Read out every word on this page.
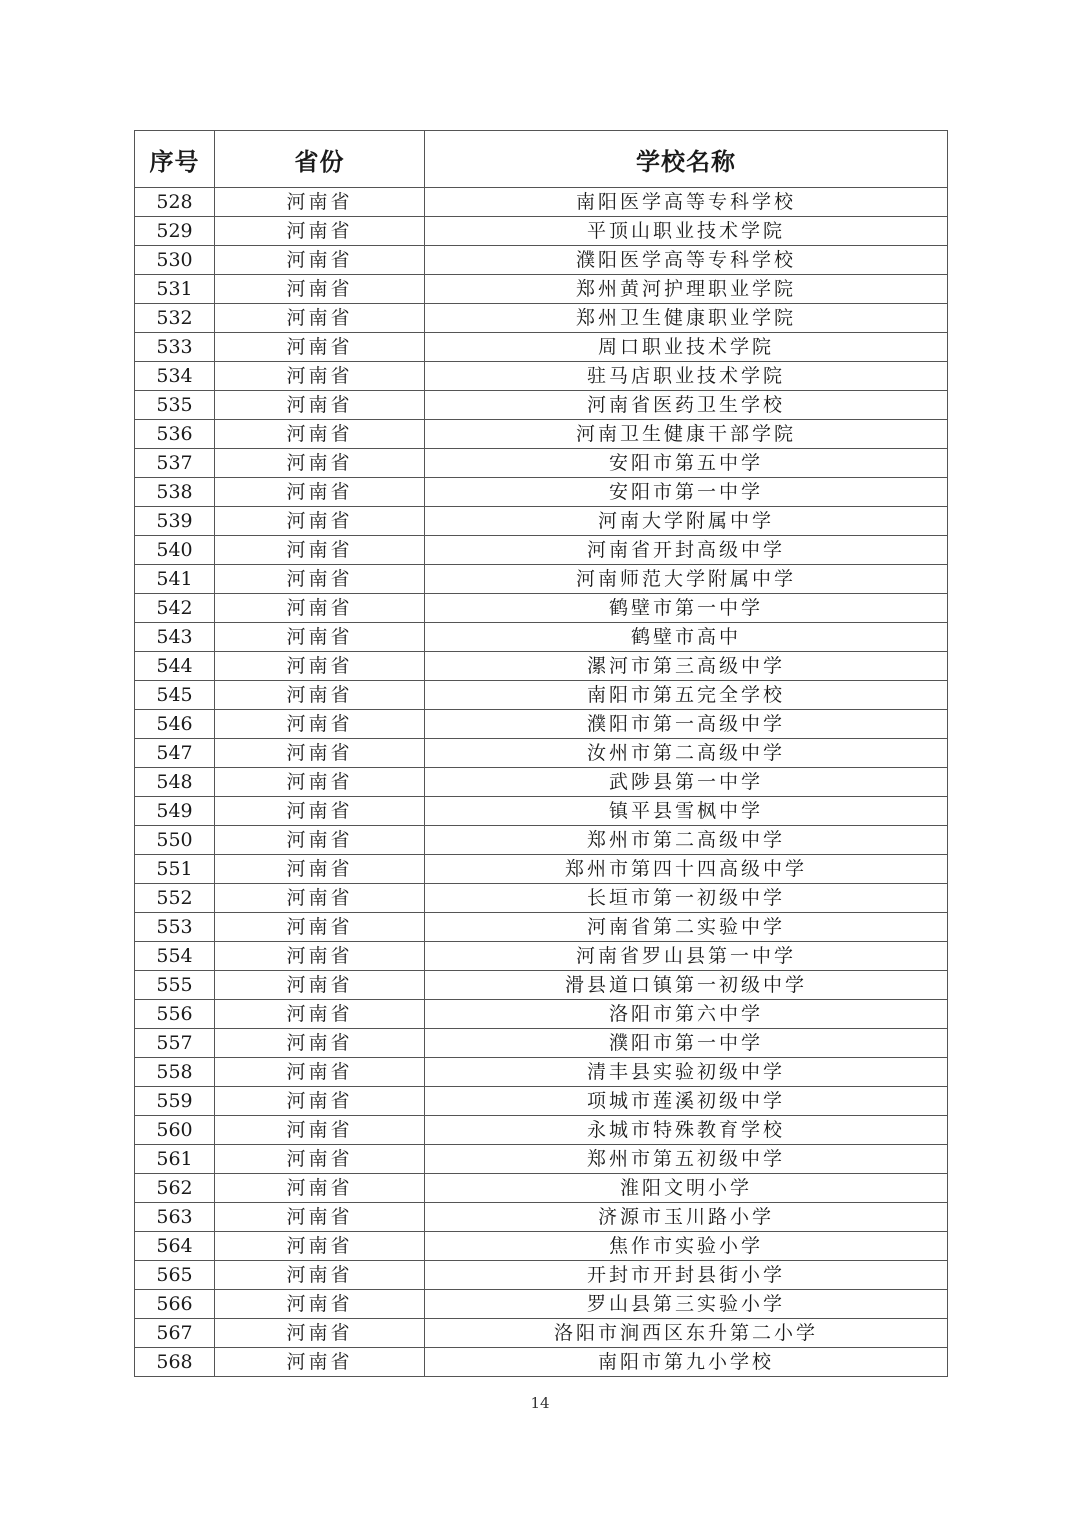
序号	省份	学校名称
528	河南省	南阳医学高等专科学校
529	河南省	平顶山职业技术学院
530	河南省	濮阳医学高等专科学校
531	河南省	郑州黄河护理职业学院
532	河南省	郑州卫生健康职业学院
533	河南省	周口职业技术学院
534	河南省	驻马店职业技术学院
535	河南省	河南省医药卫生学校
536	河南省	河南卫生健康干部学院
537	河南省	安阳市第五中学
538	河南省	安阳市第一中学
539	河南省	河南大学附属中学
540	河南省	河南省开封高级中学
541	河南省	河南师范大学附属中学
542	河南省	鹤壁市第一中学
543	河南省	鹤壁市高中
544	河南省	漯河市第三高级中学
545	河南省	南阳市第五完全学校
546	河南省	濮阳市第一高级中学
547	河南省	汝州市第二高级中学
548	河南省	武陟县第一中学
549	河南省	镇平县雪枫中学
550	河南省	郑州市第二高级中学
551	河南省	郑州市第四十四高级中学
552	河南省	长垣市第一初级中学
553	河南省	河南省第二实验中学
554	河南省	河南省罗山县第一中学
555	河南省	滑县道口镇第一初级中学
556	河南省	洛阳市第六中学
557	河南省	濮阳市第一中学
558	河南省	清丰县实验初级中学
559	河南省	项城市莲溪初级中学
560	河南省	永城市特殊教育学校
561	河南省	郑州市第五初级中学
562	河南省	淮阳文明小学
563	河南省	济源市玉川路小学
564	河南省	焦作市实验小学
565	河南省	开封市开封县街小学
566	河南省	罗山县第三实验小学
567	河南省	洛阳市涧西区东升第二小学
568	河南省	南阳市第九小学校
14
